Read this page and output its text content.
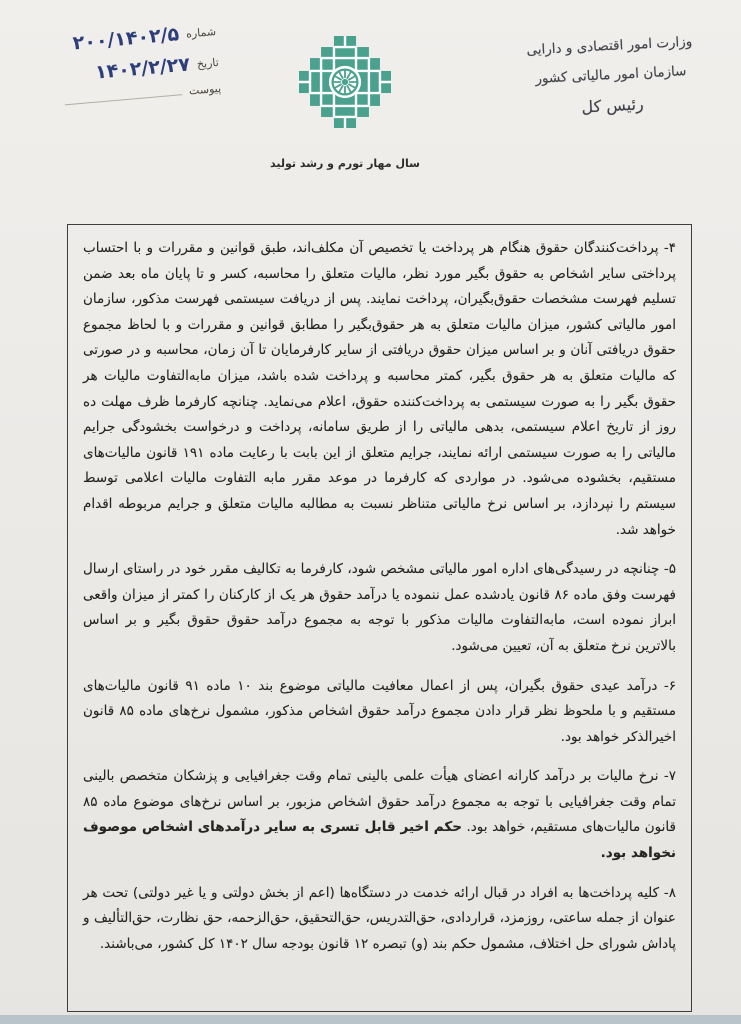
شماره
۲۰۰/۱۴۰۲/۵
تاریخ
۱۴۰۲/۲/۲۷
پیوست
سال مهار تورم و رشد تولید
وزارت امور اقتصادی و دارایی
سازمان امور مالیاتی کشور
رئیس کل

۴- پرداخت‌کنندگان حقوق هنگام هر پرداخت یا تخصیص آن مکلف‌اند، طبق قوانین و مقررات و با احتساب پرداختی سایر اشخاص به حقوق بگیر مورد نظر، مالیات متعلق را محاسبه، کسر و تا پایان ماه بعد ضمن تسلیم فهرست مشخصات حقوق‌بگیران، پرداخت نمایند. پس از دریافت سیستمی فهرست مذکور، سازمان امور مالیاتی کشور، میزان مالیات متعلق به هر حقوق‌بگیر را مطابق قوانین و مقررات و با لحاظ مجموع حقوق دریافتی آنان و بر اساس میزان حقوق دریافتی از سایر کارفرمایان تا آن زمان، محاسبه و در صورتی که مالیات متعلق به هر حقوق بگیر، کمتر محاسبه و پرداخت شده باشد، میزان مابه‌التفاوت مالیات هر حقوق بگیر را به صورت سیستمی به پرداخت‌کننده حقوق، اعلام می‌نماید. چنانچه کارفرما ظرف مهلت ده روز از تاریخ اعلام سیستمی، بدهی مالیاتی را از طریق سامانه، پرداخت و درخواست بخشودگی جرایم مالیاتی را به صورت سیستمی ارائه نمایند، جرایم متعلق از این بابت با رعایت ماده ۱۹۱ قانون مالیات‌های مستقیم، بخشوده می‌شود. در مواردی که کارفرما در موعد مقرر مابه التفاوت مالیات اعلامی توسط سیستم را نپردازد، بر اساس نرخ مالیاتی متناظر نسبت به مطالبه مالیات متعلق و جرایم مربوطه اقدام خواهد شد.

۵- چنانچه در رسیدگی‌های اداره امور مالیاتی مشخص شود، کارفرما به تکالیف مقرر خود در راستای ارسال فهرست وفق ماده ۸۶ قانون یادشده عمل ننموده یا درآمد حقوق هر یک از کارکنان را کمتر از میزان واقعی ابراز نموده است، مابه‌التفاوت مالیات مذکور با توجه به مجموع درآمد حقوق حقوق بگیر و بر اساس بالاترین نرخ متعلق به آن، تعیین می‌شود.

۶- درآمد عیدی حقوق بگیران، پس از اعمال معافیت مالیاتی موضوع بند ۱۰ ماده ۹۱ قانون مالیات‌های مستقیم و با ملحوظ نظر قرار دادن مجموع درآمد حقوق اشخاص مذکور، مشمول نرخ‌های ماده ۸۵ قانون اخیرالذکر خواهد بود.

۷- نرخ مالیات بر درآمد کارانه اعضای هیأت علمی بالینی تمام وقت جغرافیایی و پزشکان متخصص بالینی تمام وقت جغرافیایی با توجه به مجموع درآمد حقوق اشخاص مزبور، بر اساس نرخ‌های موضوع ماده ۸۵ قانون مالیات‌های مستقیم، خواهد بود. حکم اخیر قابل تسری به سایر درآمدهای اشخاص موصوف نخواهد بود.

۸- کلیه پرداخت‌ها به افراد در قبال ارائه خدمت در دستگاه‌ها (اعم از بخش دولتی و یا غیر دولتی) تحت هر عنوان از جمله ساعتی، روزمزد، قراردادی، حق‌التدریس، حق‌التحقیق، حق‌الزحمه، حق نظارت، حق‌التألیف و پاداش شورای حل اختلاف، مشمول حکم بند (و) تبصره ۱۲ قانون بودجه سال ۱۴۰۲ کل کشور، می‌باشند.
